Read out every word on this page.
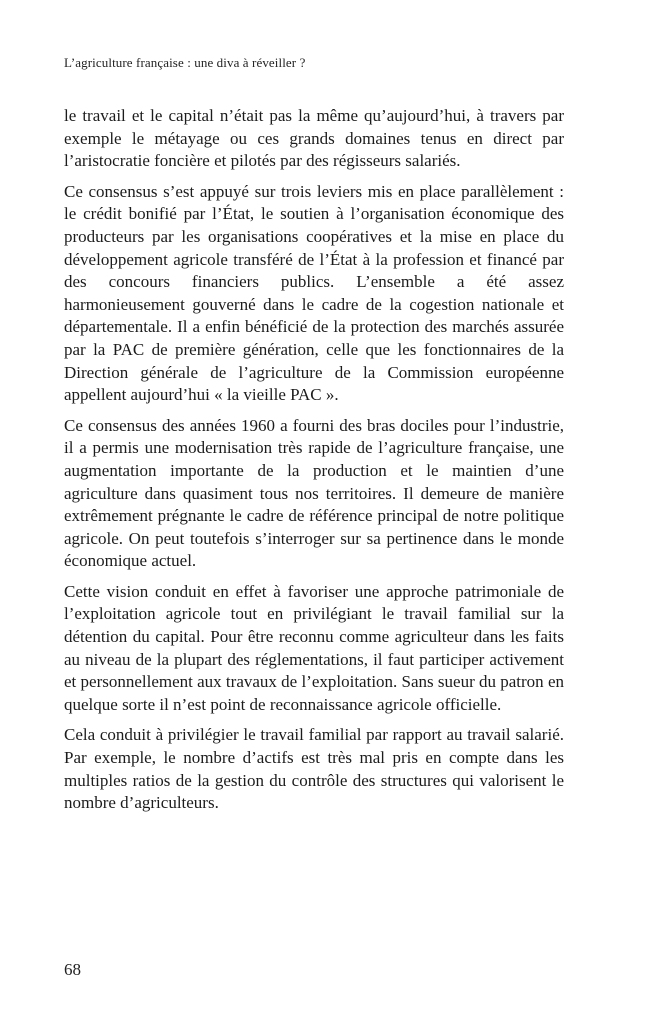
L’agriculture française : une diva à réveiller ?

le travail et le capital n’était pas la même qu’aujourd’hui, à travers par exemple le métayage ou ces grands domaines tenus en direct par l’aristocratie foncière et pilotés par des régisseurs salariés.

Ce consensus s’est appuyé sur trois leviers mis en place parallèlement : le crédit bonifié par l’État, le soutien à l’organisation économique des producteurs par les organisations coopératives et la mise en place du développement agricole transféré de l’État à la profession et financé par des concours financiers publics. L’ensemble a été assez harmonieusement gouverné dans le cadre de la cogestion nationale et départementale. Il a enfin bénéficié de la protection des marchés assurée par la PAC de première génération, celle que les fonctionnaires de la Direction générale de l’agriculture de la Commission européenne appellent aujourd’hui « la vieille PAC ».

Ce consensus des années 1960 a fourni des bras dociles pour l’industrie, il a permis une modernisation très rapide de l’agriculture française, une augmentation importante de la production et le maintien d’une agriculture dans quasiment tous nos territoires. Il demeure de manière extrêmement prégnante le cadre de référence principal de notre politique agricole. On peut toutefois s’interroger sur sa pertinence dans le monde économique actuel.

Cette vision conduit en effet à favoriser une approche patrimoniale de l’exploitation agricole tout en privilégiant le travail familial sur la détention du capital. Pour être reconnu comme agriculteur dans les faits au niveau de la plupart des réglementations, il faut participer activement et personnellement aux travaux de l’exploitation. Sans sueur du patron en quelque sorte il n’est point de reconnaissance agricole officielle.

Cela conduit à privilégier le travail familial par rapport au travail salarié. Par exemple, le nombre d’actifs est très mal pris en compte dans les multiples ratios de la gestion du contrôle des structures qui valorisent le nombre d’agriculteurs.

68
